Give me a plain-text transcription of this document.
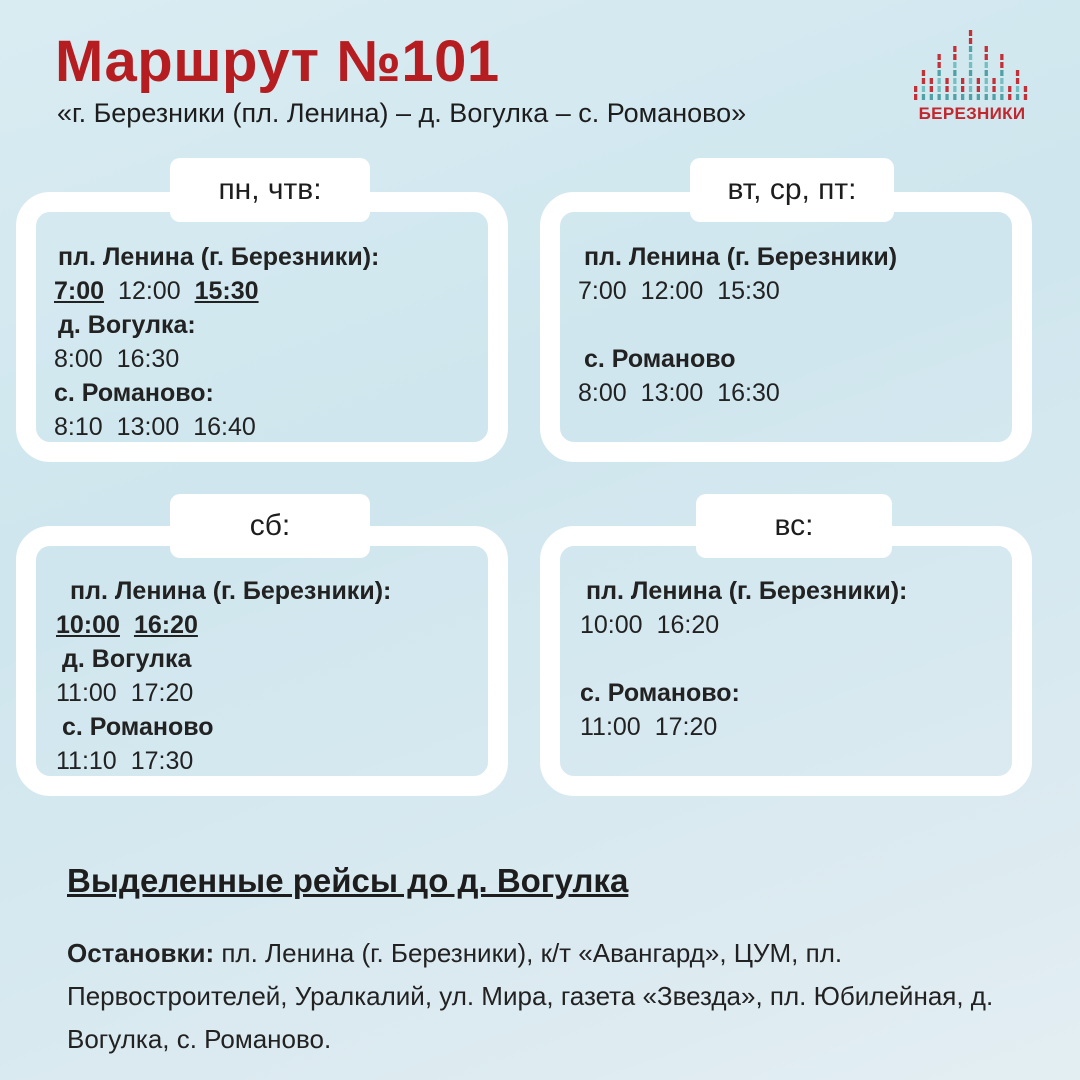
Маршрут №101

«г. Березники (пл. Ленина) – д. Вогулка – с. Романово»	БЕРЕЗНИКИ
пл. Ленина (г. Березники):
7:00 12:00 15:30
д. Вогулка:
8:00 16:30
с. Романово:
8:10 13:00 16:40
пн, чтв:
пл. Ленина (г. Березники)
7:00 12:00 15:30
с. Романово
8:00 13:00 16:30
вт, ср, пт:
пл. Ленина (г. Березники):
10:00 16:20
д. Вогулка
11:00 17:20
с. Романово
11:10 17:30
сб:
пл. Ленина (г. Березники):
10:00 16:20
с. Романово:
11:00 17:20
вс:
Выделенные рейсы до д. Вогулка

Остановки: пл. Ленина (г. Березники), к/т «Авангард», ЦУМ, пл. Первостроителей, Уралкалий, ул. Мира, газета «Звезда», пл. Юбилейная, д. Вогулка, с. Романово.
